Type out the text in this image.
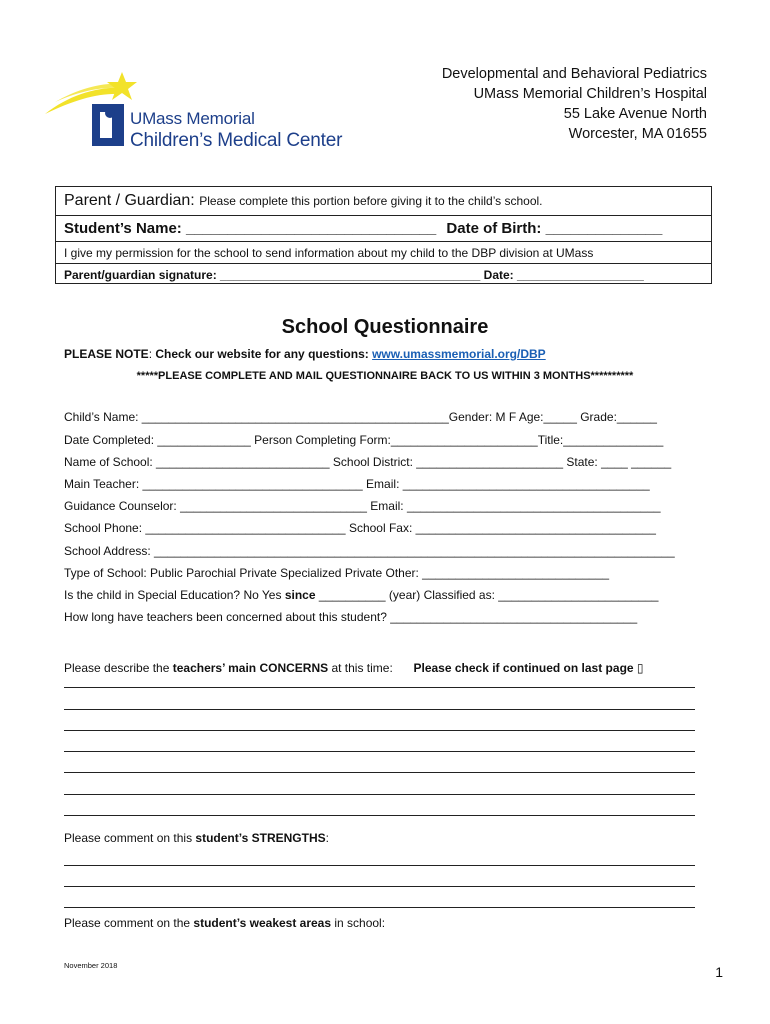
UMass Memorial
Children’s Medical Center
Developmental and Behavioral Pediatrics
UMass Memorial Children’s Hospital
55 Lake Avenue North
Worcester, MA 01655
Parent / Guardian: Please complete this portion before giving it to the child’s school.
Student’s Name: ______________________________ Date of Birth: ______________
I give my permission for the school to send information about my child to the DBP division at UMass
Parent/guardian signature: _______________________________________ Date: ___________________
School Questionnaire
PLEASE NOTE: Check our website for any questions: www.umassmemorial.org/DBP
*****PLEASE COMPLETE AND MAIL QUESTIONNAIRE BACK TO US WITHIN 3 MONTHS**********
Child’s Name: ______________________________________________Gender: M F Age:_____ Grade:______
Date Completed: ______________ Person Completing Form:______________________Title:_______________
Name of School: __________________________ School District: ______________________ State: ____ ______
Main Teacher: _________________________________ Email: _____________________________________
Guidance Counselor: ____________________________ Email: ______________________________________
School Phone: ______________________________ School Fax: ____________________________________
School Address: ______________________________________________________________________________
Type of School: Public Parochial Private Specialized Private Other: ____________________________
Is the child in Special Education? No Yes since __________ (year) Classified as: ________________________
How long have teachers been concerned about this student? _____________________________________
Please describe the teachers’ main CONCERNS at this time: Please check if continued on last page ▯
Please comment on this student’s STRENGTHS:
Please comment on the student’s weakest areas in school:
November 2018	1
